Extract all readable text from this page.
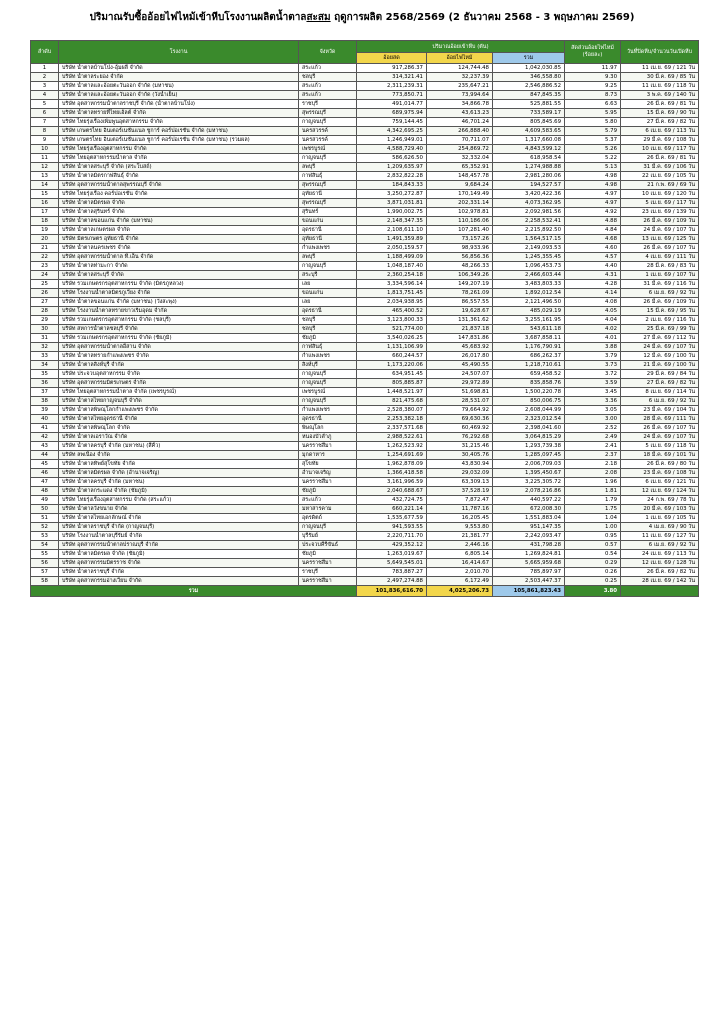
ปริมาณรับซื้ออ้อยไฟไหม้เข้าหีบโรงงานผลิตน้ำตาลสะสม ฤดูการผลิต 2568/2569 (2 ธันวาคม 2568 - 3 พฤษภาคม 2569)
ลำดับ	โรงงาน	จังหวัด	ปริมาณอ้อยเข้าหีบ (ตัน)			สัดส่วนอ้อยไฟไหม้ (ร้อยละ)	วันที่ปิดหีบ/จำนวนวันเปิดหีบ
			อ้อยสด	อ้อยไฟไหม้	รวม		
1	บริษัท น้ำตาลบ้านโป่ง-อุ้มผลี จำกัด	สระแก้ว	917,286.37	124,744.48	1,042,030.85	11.97	11 เม.ย. 69 / 121 วัน
2	บริษัท น้ำตาลระยอง จำกัด	ชลบุรี	314,321.41	32,237.39	346,558.80	9.30	30 มี.ค. 69 / 85 วัน
3	บริษัท น้ำตาลและอ้อยตะวันออก จำกัด (มหาชน)	สระแก้ว	2,311,239.31	235,647.21	2,546,886.52	9.25	11 เม.ย. 69 / 118 วัน
4	บริษัท น้ำตาลและอ้อยตะวันออก จำกัด (วังน้ำเย็น)	สระแก้ว	773,850.71	73,994.64	847,845.35	8.73	3 พ.ค. 69 / 140 วัน
5	บริษัท อุตสาหกรรมน้ำตาลราชบุรี จำกัด (น้ำตาลบ้านโป่ง)	ราชบุรี	491,014.77	34,866.78	525,881.55	6.63	26 มี.ค. 69 / 81 วัน
6	บริษัท น้ำตาลทรายที่ไทยเฮ้ลต์ จำกัด	สุพรรณบุรี	689,975.94	43,613.23	733,589.17	5.95	15 มี.ค. 69 / 90 วัน
7	บริษัท ไทยรุ่งเรืองเพิ่มพูนอุตสาหกรรม จำกัด	กาญจนบุรี	759,144.45	46,701.24	805,845.69	5.80	27 มี.ค. 69 / 82 วัน
8	บริษัท เกษตรไทย อินเตอร์เนชั่นแนล ชูการ์ คอร์ปอเรชั่น จำกัด (มหาชน)	นครสวรรค์	4,342,695.25	266,888.40	4,609,583.65	5.79	6 เม.ย. 69 / 113 วัน
9	บริษัท เกษตรไทย อินเตอร์เนชั่นแนล ชูการ์ คอร์ปอเรชั่น จำกัด (มหาชน) (รวมผล)	นครสวรรค์	1,246,949.01	70,711.07	1,317,660.08	5.37	29 มี.ค. 69 / 108 วัน
10	บริษัท ไทยรุ่งเรืองอุตสาหกรรม จำกัด	เพชรบูรณ์	4,588,729.40	254,869.72	4,843,599.12	5.26	10 เม.ย. 69 / 117 วัน
11	บริษัท ไทยอุตสาหกรรมน้ำตาล จำกัด	กาญจนบุรี	586,626.50	32,332.04	618,958.54	5.22	26 มี.ค. 69 / 81 วัน
12	บริษัท น้ำตาลสระบุรี จำกัด (สระโบสถ์)	ลพบุรี	1,209,635.97	65,352.91	1,274,988.88	5.13	31 มี.ค. 69 / 106 วัน
13	บริษัท น้ำตาลมิตรกาฬสินธุ์ จำกัด	กาฬสินธุ์	2,832,822.28	148,457.78	2,981,280.06	4.98	22 เม.ย. 69 / 105 วัน
14	บริษัท อุตสาหกรรมน้ำตาลสุพรรณบุรี จำกัด	สุพรรณบุรี	184,843.33	9,684.24	194,527.57	4.98	21 ก.พ. 69 / 69 วัน
15	บริษัท ไทยรุ่งเรือง คอร์ปอเรชั่น จำกัด	อุทัยธานี	3,250,272.87	170,149.49	3,420,422.36	4.97	10 เม.ย. 69 / 120 วัน
16	บริษัท น้ำตาลมิตรผล จำกัด	สุพรรณบุรี	3,871,031.81	202,331.14	4,073,362.95	4.97	5 เม.ย. 69 / 117 วัน
17	บริษัท น้ำตาลสุรินทร์ จำกัด	สุรินทร์	1,990,002.75	102,978.81	2,092,981.56	4.92	23 เม.ย. 69 / 139 วัน
18	บริษัท น้ำตาลขอนแก่น จำกัด (มหาชน)	ขอนแก่น	2,148,347.35	110,186.06	2,258,532.41	4.88	26 มี.ค. 69 / 109 วัน
19	บริษัท น้ำตาลเกษตรผล จำกัด	อุดรธานี	2,108,611.10	107,281.40	2,215,892.50	4.84	24 มี.ค. 69 / 107 วัน
20	บริษัท มิตรเกษตร อุทัยธานี จำกัด	อุทัยธานี	1,491,359.89	73,157.26	1,564,517.15	4.68	13 เม.ย. 69 / 125 วัน
21	บริษัท น้ำตาลนครเพชร จำกัด	กำแพงเพชร	2,050,159.57	98,933.96	2,149,093.53	4.60	26 มี.ค. 69 / 107 วัน
22	บริษัท อุตสาหกรรมน้ำตาล ที.เอ็น จำกัด	ลพบุรี	1,188,499.09	56,856.36	1,245,355.45	4.57	4 เม.ย. 69 / 111 วัน
23	บริษัท น้ำตาลท่ามะกา จำกัด	กาญจนบุรี	1,048,187.40	48,266.33	1,096,453.73	4.40	28 มี.ค. 69 / 83 วัน
24	บริษัท น้ำตาลสระบุรี จำกัด	สระบุรี	2,360,254.18	106,349.26	2,466,603.44	4.31	1 เม.ย. 69 / 107 วัน
25	บริษัท รวมเกษตรกรอุตสาหกรรม จำกัด (มิตรภูหลวง)	เลย	3,334,596.14	149,207.19	3,483,803.33	4.28	31 มี.ค. 69 / 116 วัน
26	บริษัท โรงงานน้ำตาลมิตรภูเวียง จำกัด	ขอนแก่น	1,813,751.45	78,261.09	1,892,012.54	4.14	6 เม.ย. 69 / 92 วัน
27	บริษัท น้ำตาลขอนแก่น จำกัด (มหาชน) (วังสะพุง)	เลย	2,034,938.95	86,557.55	2,121,496.50	4.08	26 มี.ค. 69 / 109 วัน
28	บริษัท โรงงานน้ำตาลทรายขาวเริ่มอุดม จำกัด	อุดรธานี	465,400.52	19,628.67	485,029.19	4.05	15 มี.ค. 69 / 95 วัน
29	บริษัท รวมเกษตรกรอุตสาหกรรม จำกัด (ชลบุรี)	ชลบุรี	3,123,800.33	131,361.62	3,255,161.95	4.04	2 เม.ย. 69 / 116 วัน
30	บริษัท สหการน้ำตาลชลบุรี จำกัด	ชลบุรี	521,774.00	21,837.18	543,611.18	4.02	25 มี.ค. 69 / 99 วัน
31	บริษัท รวมเกษตรกรอุตสาหกรรม จำกัด (ชัยภูมิ)	ชัยภูมิ	3,540,026.25	147,831.86	3,687,858.11	4.01	27 มี.ค. 69 / 112 วัน
32	บริษัท อุตสาหกรรมน้ำตาลอีสาน จำกัด	กาฬสินธุ์	1,131,106.99	45,683.92	1,176,790.91	3.88	24 มี.ค. 69 / 107 วัน
33	บริษัท น้ำตาลทรายกำแพงเพชร จำกัด	กำแพงเพชร	660,244.57	26,017.80	686,262.37	3.79	12 มี.ค. 69 / 100 วัน
34	บริษัท น้ำตาลสิงห์บุรี จำกัด	สิงห์บุรี	1,173,220.06	45,490.55	1,218,710.61	3.73	21 มี.ค. 69 / 100 วัน
35	บริษัท ประจวบอุตสาหกรรม จำกัด	กาญจนบุรี	634,951.45	24,507.07	659,458.52	3.72	29 มี.ค. 69 / 84 วัน
36	บริษัท อุตสาหกรรมมิตรเกษตร จำกัด	กาญจนบุรี	805,885.87	29,972.89	835,858.76	3.59	27 มี.ค. 69 / 82 วัน
37	บริษัท ไทยอุตสาหกรรมน้ำตาล จำกัด (เพชรบูรณ์)	เพชรบูรณ์	1,448,521.97	51,698.81	1,500,220.78	3.45	8 เม.ย. 69 / 114 วัน
38	บริษัท น้ำตาลไทยกาญจนบุรี จำกัด	กาญจนบุรี	821,475.68	28,531.07	850,006.75	3.36	6 เม.ย. 69 / 92 วัน
39	บริษัท น้ำตาลพิษณุโลกกำแพงเพชร จำกัด	กำแพงเพชร	2,528,380.07	79,664.92	2,608,044.99	3.05	23 มี.ค. 69 / 104 วัน
40	บริษัท น้ำตาลไทยอุดรธานี จำกัด	อุดรธานี	2,253,382.18	69,630.36	2,323,012.54	3.00	28 มี.ค. 69 / 111 วัน
41	บริษัท น้ำตาลพิษณุโลก จำกัด	พิษณุโลก	2,337,571.68	60,469.92	2,398,041.60	2.52	26 มี.ค. 69 / 107 วัน
42	บริษัท น้ำตาลเอราวัณ จำกัด	หนองบัวลำภู	2,988,522.61	76,292.68	3,064,815.29	2.49	24 มี.ค. 69 / 107 วัน
43	บริษัท น้ำตาลครบุรี จำกัด (มหาชน) (สีคิ้ว)	นครราชสีมา	1,262,523.92	31,215.46	1,293,739.38	2.41	5 เม.ย. 69 / 118 วัน
44	บริษัท ลพเนือง จำกัด	มุกดาหาร	1,254,691.69	30,405.76	1,285,097.45	2.37	18 มี.ค. 69 / 101 วัน
45	บริษัท น้ำตาลทิพย์สุโขทัย จำกัด	สุโขทัย	1,962,878.09	43,830.94	2,006,709.03	2.18	26 มี.ค. 69 / 80 วัน
46	บริษัท น้ำตาลมิตรผล จำกัด (อำนาจเจริญ)	อำนาจเจริญ	1,366,418.58	29,032.09	1,395,450.67	2.08	23 มี.ค. 69 / 108 วัน
47	บริษัท น้ำตาลครบุรี จำกัด (มหาชน)	นครราชสีมา	3,161,996.59	63,309.13	3,225,305.72	1.96	6 เม.ย. 69 / 121 วัน
48	บริษัท น้ำตาลกระแดง จำกัด (ชัยภูมิ)	ชัยภูมิ	2,040,688.67	37,528.19	2,078,216.86	1.81	12 เม.ย. 69 / 124 วัน
49	บริษัท ไทยรุ่งเรืองอุตสาหกรรม จำกัด (สระแก้ว)	สระแก้ว	432,724.75	7,872.47	440,597.22	1.79	24 ก.พ. 69 / 78 วัน
50	บริษัท น้ำตาลวังขนาย จำกัด	มหาสารคาม	660,221.14	11,787.16	672,008.30	1.75	20 มี.ค. 69 / 103 วัน
51	บริษัท น้ำตาลไทยเอกลักษณ์ จำกัด	อุตรดิตถ์	1,535,677.59	16,205.45	1,551,883.04	1.04	1 เม.ย. 69 / 105 วัน
52	บริษัท น้ำตาลราชบุรี จำกัด (กาญจนบุรี)	กาญจนบุรี	941,593.55	9,553.80	951,147.35	1.00	4 เม.ย. 69 / 90 วัน
53	บริษัท โรงงานน้ำตาลบุรีรัมย์ จำกัด	บุรีรัมย์	2,220,711.70	21,381.77	2,242,093.47	0.95	11 เม.ย. 69 / 127 วัน
54	บริษัท อุตสาหกรรมน้ำตาลปราณบุรี จำกัด	ประจวบคีรีขันธ์	429,352.12	2,446.16	431,798.28	0.57	6 เม.ย. 69 / 92 วัน
55	บริษัท น้ำตาลมิตรผล จำกัด (ชัยภูมิ)	ชัยภูมิ	1,263,019.67	6,805.14	1,269,824.81	0.54	24 เม.ย. 69 / 113 วัน
56	บริษัท อุตสาหกรรมมิตรราช จำกัด	นครราชสีมา	5,649,545.01	16,414.67	5,665,959.68	0.29	12 เม.ย. 69 / 128 วัน
57	บริษัท น้ำตาลราชบุรี จำกัด	ราชบุรี	783,887.27	2,010.70	785,897.97	0.26	26 มี.ค. 69 / 82 วัน
58	บริษัท อุตสาหกรรมอ่างเวียน จำกัด	นครราชสีมา	2,497,274.88	6,172.49	2,503,447.37	0.25	28 เม.ย. 69 / 142 วัน
รวม			101,836,616.70	4,025,206.73	105,861,823.43	3.80	
